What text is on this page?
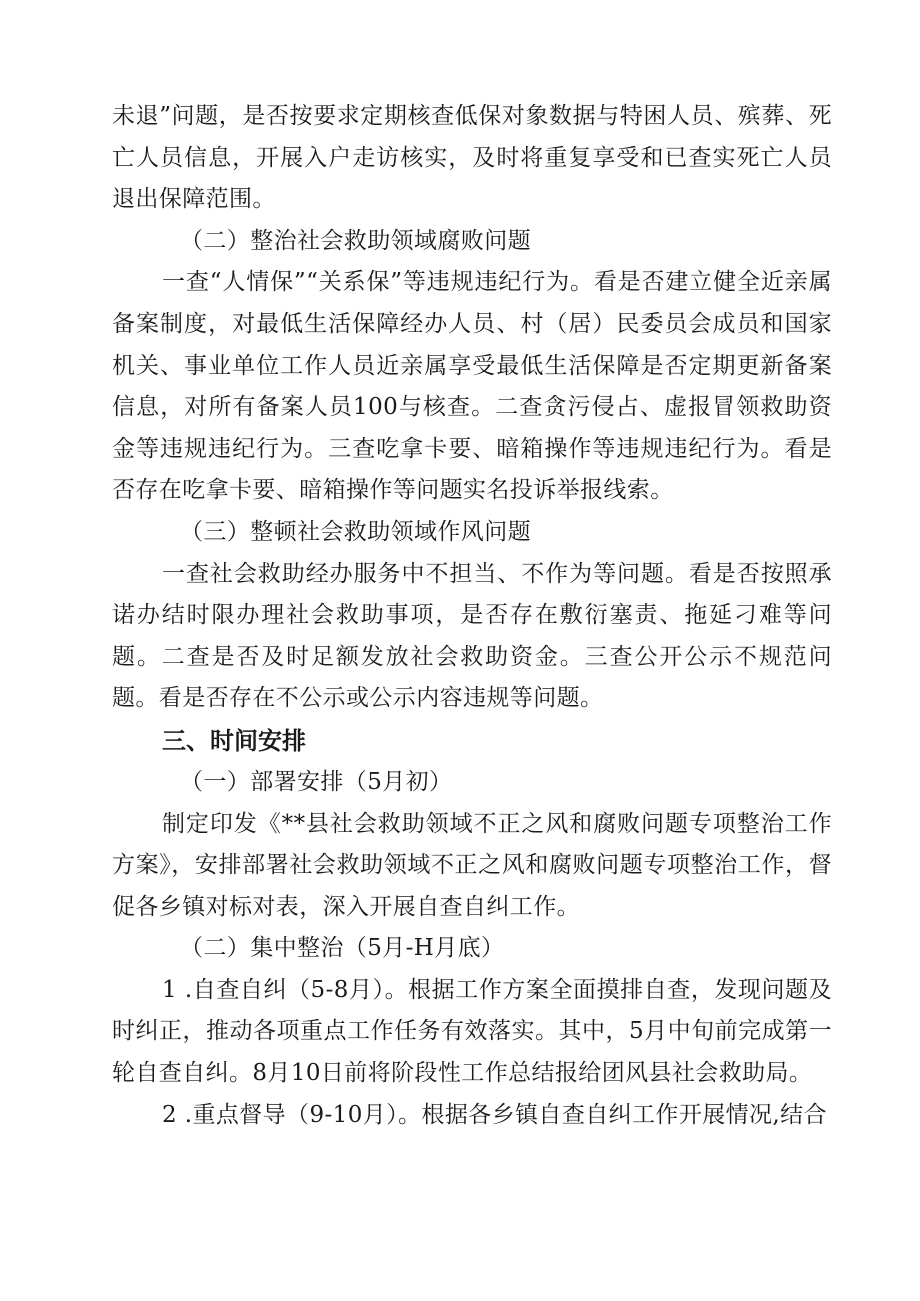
未退”问题，是否按要求定期核查低保对象数据与特困人员、殡葬、死亡人员信息，开展入户走访核实，及时将重复享受和已查实死亡人员退出保障范围。

（二）整治社会救助领域腐败问题

一查“人情保”“关系保”等违规违纪行为。看是否建立健全近亲属备案制度，对最低生活保障经办人员、村（居）民委员会成员和国家机关、事业单位工作人员近亲属享受最低生活保障是否定期更新备案信息，对所有备案人员100与核查。二查贪污侵占、虚报冒领救助资金等违规违纪行为。三查吃拿卡要、暗箱操作等违规违纪行为。看是否存在吃拿卡要、暗箱操作等问题实名投诉举报线索。

（三）整顿社会救助领域作风问题

一查社会救助经办服务中不担当、不作为等问题。看是否按照承诺办结时限办理社会救助事项，是否存在敷衍塞责、拖延刁难等问题。二查是否及时足额发放社会救助资金。三查公开公示不规范问题。看是否存在不公示或公示内容违规等问题。

三、时间安排

（一）部署安排（5月初）

制定印发《**县社会救助领域不正之风和腐败问题专项整治工作方案》，安排部署社会救助领域不正之风和腐败问题专项整治工作，督促各乡镇对标对表，深入开展自查自纠工作。

（二）集中整治（5月-H月底）

1 .自查自纠（5-8月）。根据工作方案全面摸排自查，发现问题及时纠正，推动各项重点工作任务有效落实。其中，5月中旬前完成第一轮自查自纠。8月10日前将阶段性工作总结报给团风县社会救助局。

2 .重点督导（9-10月）。根据各乡镇自查自纠工作开展情况,结合
